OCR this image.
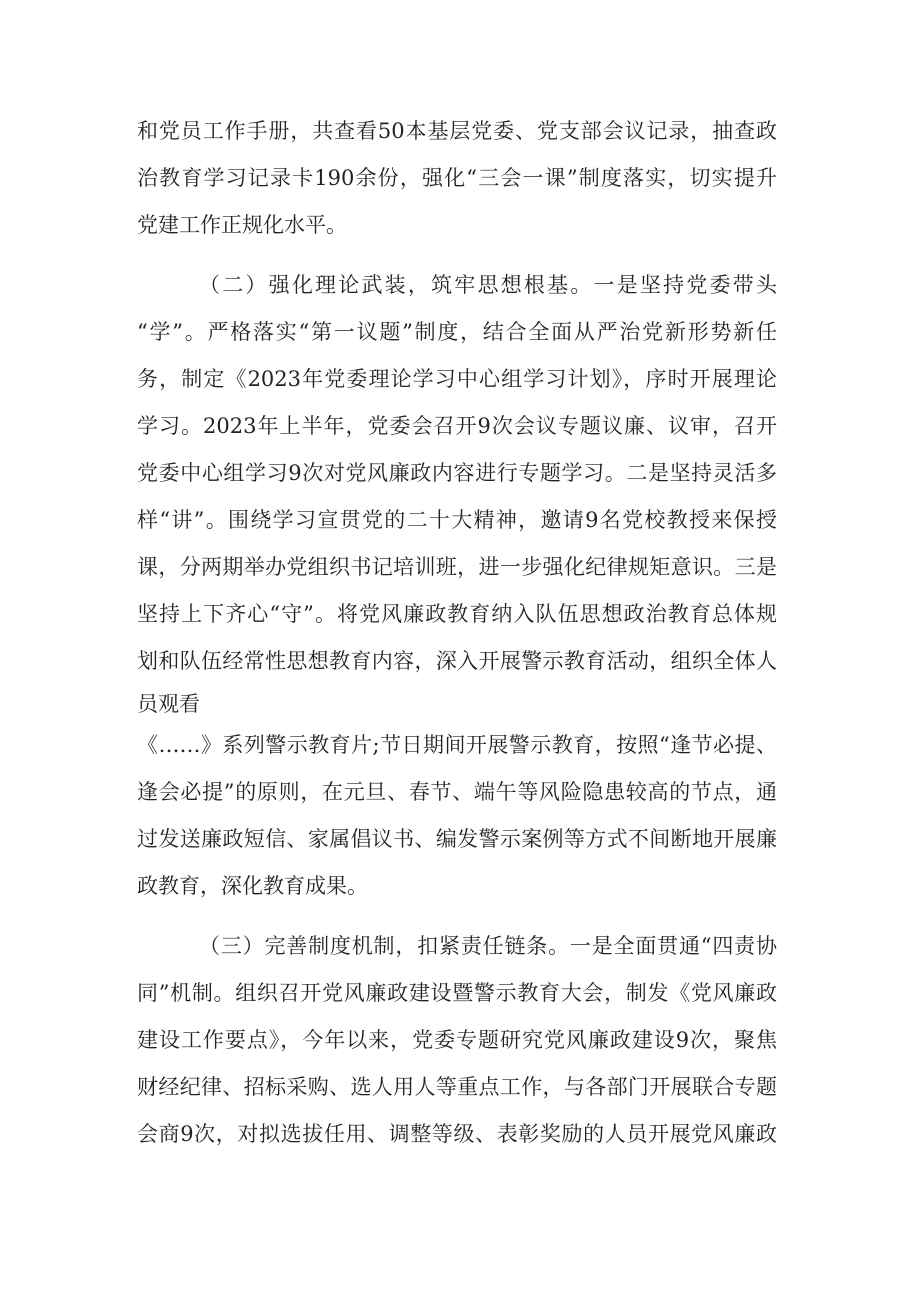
和党员工作手册，共查看50本基层党委、党支部会议记录，抽查政
治教育学习记录卡190余份，强化“三会一课”制度落实，切实提升
党建工作正规化水平。
（二）强化理论武装，筑牢思想根基。一是坚持党委带头
“学”。严格落实“第一议题”制度，结合全面从严治党新形势新任
务，制定《2023年党委理论学习中心组学习计划》，序时开展理论
学习。2023年上半年，党委会召开9次会议专题议廉、议审，召开
党委中心组学习9次对党风廉政内容进行专题学习。二是坚持灵活多
样“讲”。围绕学习宣贯党的二十大精神，邀请9名党校教授来保授
课，分两期举办党组织书记培训班，进一步强化纪律规矩意识。三是
坚持上下齐心“守”。将党风廉政教育纳入队伍思想政治教育总体规
划和队伍经常性思想教育内容，深入开展警示教育活动，组织全体人
员观看
《……》系列警示教育片;节日期间开展警示教育，按照“逢节必提、
逢会必提”的原则，在元旦、春节、端午等风险隐患较高的节点，通
过发送廉政短信、家属倡议书、编发警示案例等方式不间断地开展廉
政教育，深化教育成果。
（三）完善制度机制，扣紧责任链条。一是全面贯通“四责协
同”机制。组织召开党风廉政建设暨警示教育大会，制发《党风廉政
建设工作要点》，今年以来，党委专题研究党风廉政建设9次，聚焦
财经纪律、招标采购、选人用人等重点工作，与各部门开展联合专题
会商9次，对拟选拔任用、调整等级、表彰奖励的人员开展党风廉政
